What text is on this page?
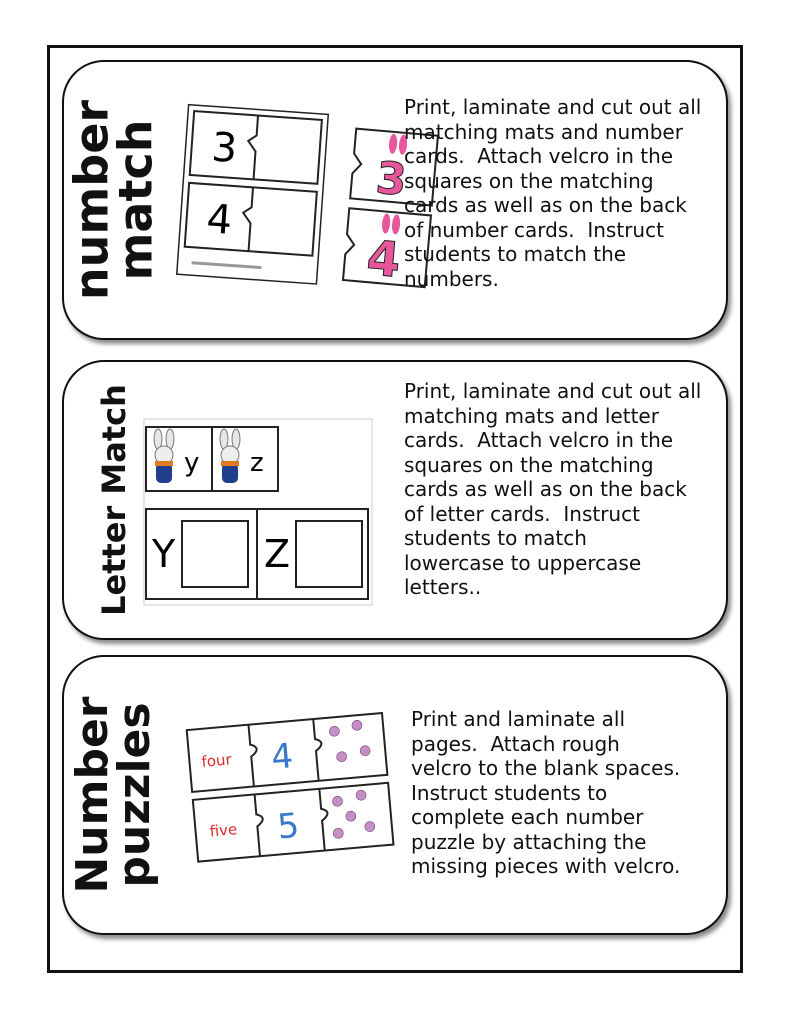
number
match 3
4
3
4
Print, laminate and cut out all
matching mats and number
cards.  Attach velcro in the
squares on the matching
cards as well as on the back
of number cards.  Instruct
students to match the
numbers.
Letter Match y z
Y Z
Print, laminate and cut out all
matching mats and letter
cards.  Attach velcro in the
squares on the matching
cards as well as on the back
of letter cards.  Instruct
students to match
lowercase to uppercase
letters..
Number
puzzles	four 4
five 5
Print and laminate all
pages.  Attach rough
velcro to the blank spaces.
Instruct students to
complete each number
puzzle by attaching the
missing pieces with velcro.
